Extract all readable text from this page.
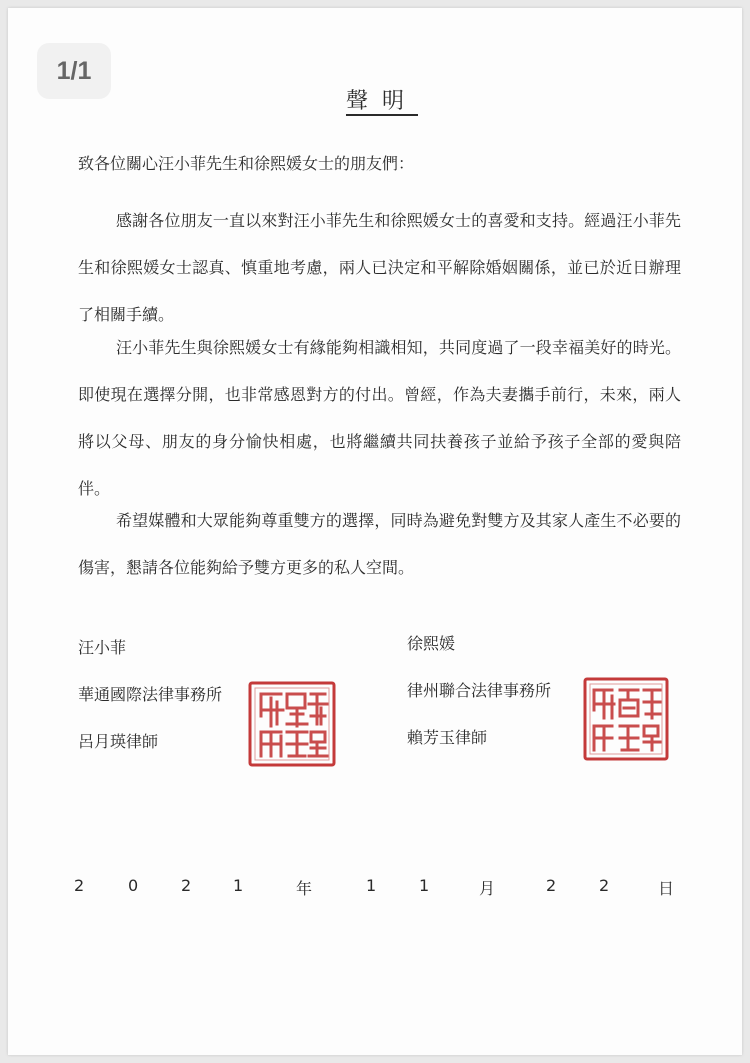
1/1
聲明
致各位關心汪小菲先生和徐熙媛女士的朋友們：
感謝各位朋友一直以來對汪小菲先生和徐熙媛女士的喜愛和支持。經過汪小菲先生和徐熙媛女士認真、慎重地考慮，兩人已決定和平解除婚姻關係，並已於近日辦理了相關手續。
汪小菲先生與徐熙媛女士有緣能夠相識相知，共同度過了一段幸福美好的時光。即使現在選擇分開，也非常感恩對方的付出。曾經，作為夫妻攜手前行，未來，兩人將以父母、朋友的身分愉快相處，也將繼續共同扶養孩子並給予孩子全部的愛與陪伴。
希望媒體和大眾能夠尊重雙方的選擇，同時為避免對雙方及其家人產生不必要的傷害，懇請各位能夠給予雙方更多的私人空間。
汪小菲
華通國際法律事務所
呂月瑛律師
徐熙媛
律州聯合法律事務所
賴芳玉律師
2	0	2	1	年	1	1	月	2	2	日
